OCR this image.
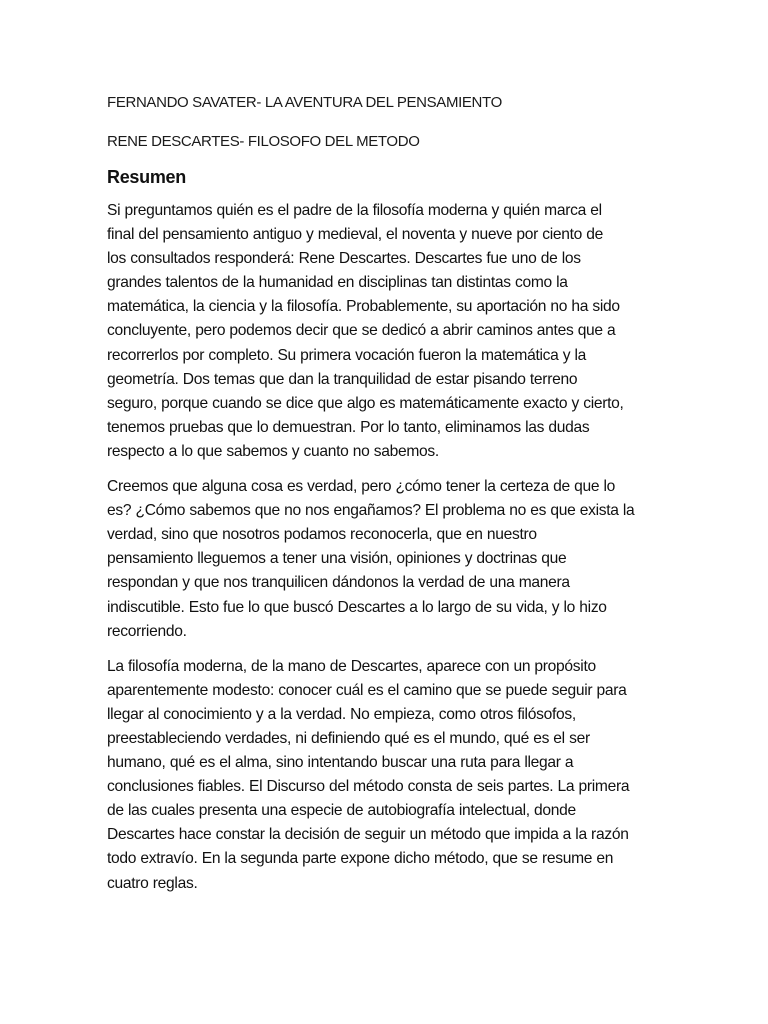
FERNANDO SAVATER- LA AVENTURA DEL PENSAMIENTO
RENE DESCARTES- FILOSOFO DEL METODO
Resumen
Si preguntamos quién es el padre de la filosofía moderna y quién marca el
final del pensamiento antiguo y medieval, el noventa y nueve por ciento de
los consultados responderá: Rene Descartes. Descartes fue uno de los
grandes talentos de la humanidad en disciplinas tan distintas como la
matemática, la ciencia y la filosofía. Probablemente, su aportación no ha sido
concluyente, pero podemos decir que se dedicó a abrir caminos antes que a
recorrerlos por completo. Su primera vocación fueron la matemática y la
geometría. Dos temas que dan la tranquilidad de estar pisando terreno
seguro, porque cuando se dice que algo es matemáticamente exacto y cierto,
tenemos pruebas que lo demuestran. Por lo tanto, eliminamos las dudas
respecto a lo que sabemos y cuanto no sabemos.
Creemos que alguna cosa es verdad, pero ¿cómo tener la certeza de que lo
es? ¿Cómo sabemos que no nos engañamos? El problema no es que exista la
verdad, sino que nosotros podamos reconocerla, que en nuestro
pensamiento lleguemos a tener una visión, opiniones y doctrinas que
respondan y que nos tranquilicen dándonos la verdad de una manera
indiscutible. Esto fue lo que buscó Descartes a lo largo de su vida, y lo hizo
recorriendo.
La filosofía moderna, de la mano de Descartes, aparece con un propósito
aparentemente modesto: conocer cuál es el camino que se puede seguir para
llegar al conocimiento y a la verdad. No empieza, como otros filósofos,
preestableciendo verdades, ni definiendo qué es el mundo, qué es el ser
humano, qué es el alma, sino intentando buscar una ruta para llegar a
conclusiones fiables. El Discurso del método consta de seis partes. La primera
de las cuales presenta una especie de autobiografía intelectual, donde
Descartes hace constar la decisión de seguir un método que impida a la razón
todo extravío. En la segunda parte expone dicho método, que se resume en
cuatro reglas.
